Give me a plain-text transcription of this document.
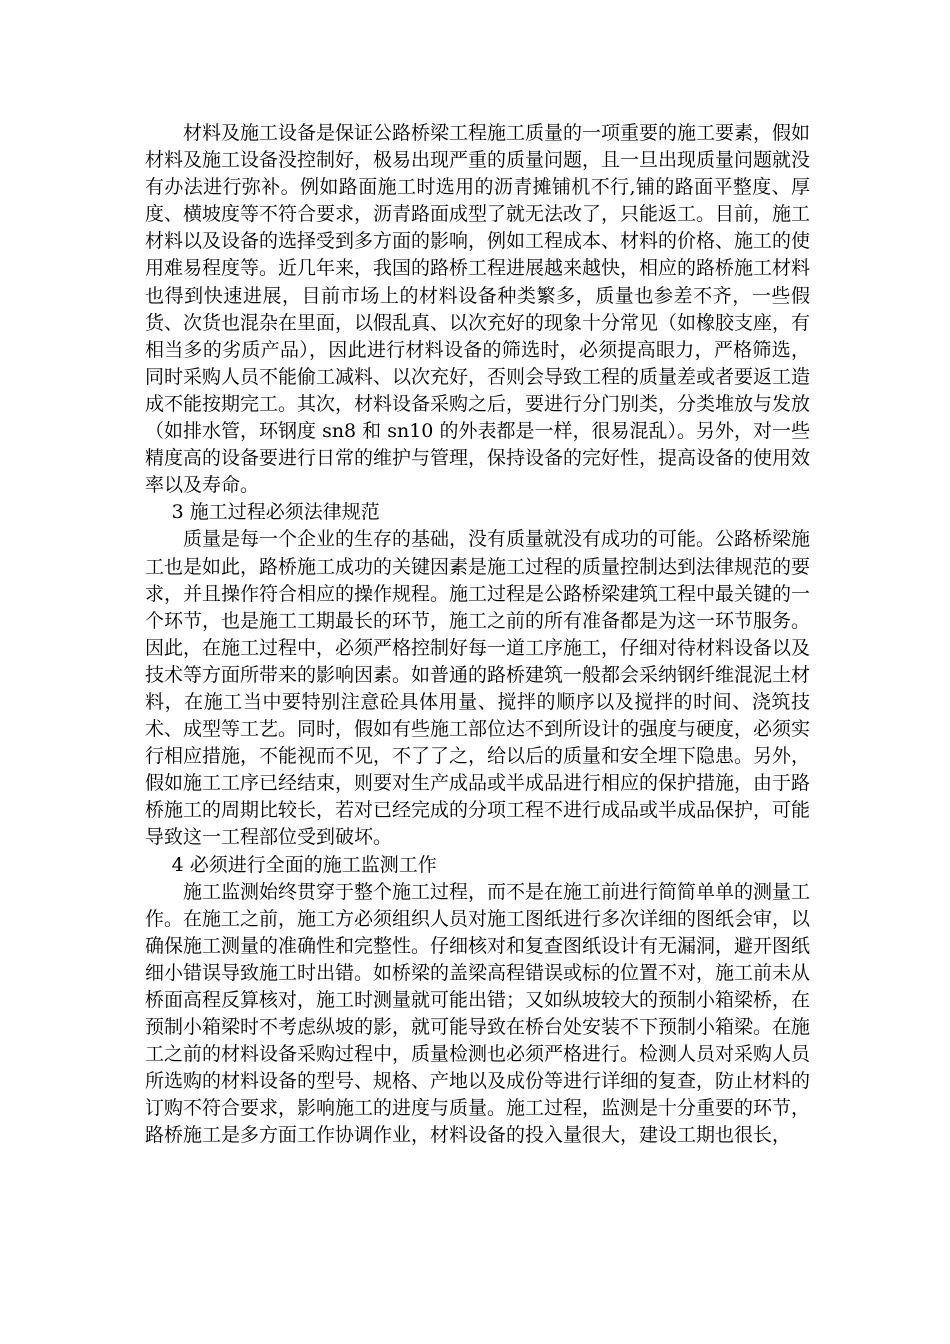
材料及施工设备是保证公路桥梁工程施工质量的一项重要的施工要素，假如材料及施工设备没控制好，极易出现严重的质量问题，且一旦出现质量问题就没有办法进行弥补。例如路面施工时选用的沥青摊铺机不行,铺的路面平整度、厚度、横坡度等不符合要求，沥青路面成型了就无法改了，只能返工。目前，施工材料以及设备的选择受到多方面的影响，例如工程成本、材料的价格、施工的使用难易程度等。近几年来，我国的路桥工程进展越来越快，相应的路桥施工材料也得到快速进展，目前市场上的材料设备种类繁多，质量也参差不齐，一些假货、次货也混杂在里面，以假乱真、以次充好的现象十分常见（如橡胶支座，有相当多的劣质产品），因此进行材料设备的筛选时，必须提高眼力，严格筛选，同时采购人员不能偷工减料、以次充好，否则会导致工程的质量差或者要返工造成不能按期完工。其次，材料设备采购之后，要进行分门别类，分类堆放与发放（如排水管，环钢度 sn8 和 sn10 的外表都是一样，很易混乱）。另外，对一些精度高的设备要进行日常的维护与管理，保持设备的完好性，提高设备的使用效率以及寿命。

3 施工过程必须法律规范

质量是每一个企业的生存的基础，没有质量就没有成功的可能。公路桥梁施工也是如此，路桥施工成功的关键因素是施工过程的质量控制达到法律规范的要求，并且操作符合相应的操作规程。施工过程是公路桥梁建筑工程中最关键的一个环节，也是施工工期最长的环节，施工之前的所有准备都是为这一环节服务。因此，在施工过程中，必须严格控制好每一道工序施工，仔细对待材料设备以及技术等方面所带来的影响因素。如普通的路桥建筑一般都会采纳钢纤维混泥土材料，在施工当中要特别注意砼具体用量、搅拌的顺序以及搅拌的时间、浇筑技术、成型等工艺。同时，假如有些施工部位达不到所设计的强度与硬度，必须实行相应措施，不能视而不见，不了了之，给以后的质量和安全埋下隐患。另外，假如施工工序已经结束，则要对生产成品或半成品进行相应的保护措施，由于路桥施工的周期比较长，若对已经完成的分项工程不进行成品或半成品保护，可能导致这一工程部位受到破坏。

4 必须进行全面的施工监测工作

施工监测始终贯穿于整个施工过程，而不是在施工前进行简简单单的测量工作。在施工之前，施工方必须组织人员对施工图纸进行多次详细的图纸会审，以确保施工测量的准确性和完整性。仔细核对和复查图纸设计有无漏洞，避开图纸细小错误导致施工时出错。如桥梁的盖梁高程错误或标的位置不对，施工前未从桥面高程反算核对，施工时测量就可能出错；又如纵坡较大的预制小箱梁桥，在预制小箱梁时不考虑纵坡的影，就可能导致在桥台处安装不下预制小箱梁。在施工之前的材料设备采购过程中，质量检测也必须严格进行。检测人员对采购人员所选购的材料设备的型号、规格、产地以及成份等进行详细的复查，防止材料的订购不符合要求，影响施工的进度与质量。施工过程，监测是十分重要的环节，路桥施工是多方面工作协调作业，材料设备的投入量很大，建设工期也很长，
